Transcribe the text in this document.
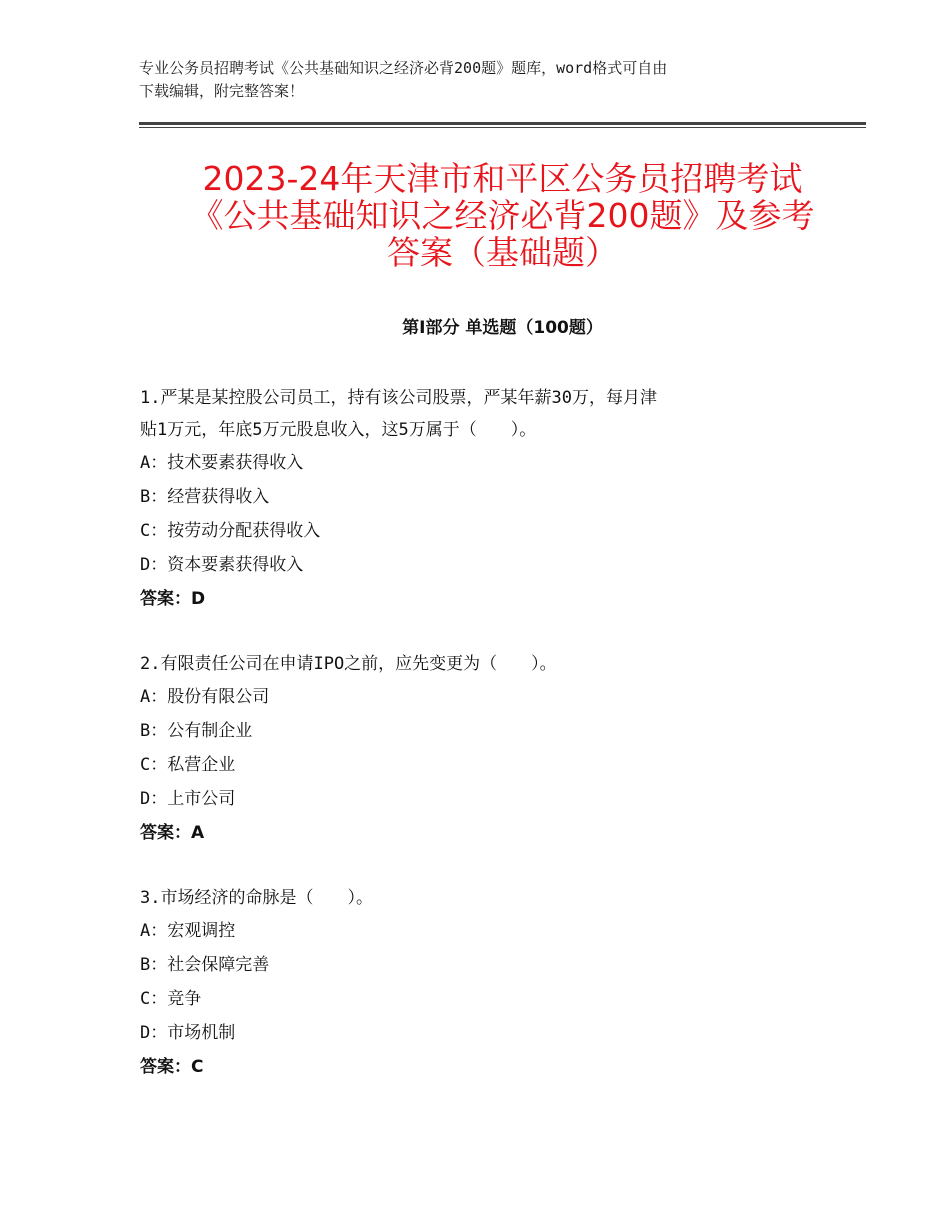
专业公务员招聘考试《公共基础知识之经济必背200题》题库，word格式可自由
下载编辑，附完整答案！
2023-24年天津市和平区公务员招聘考试
《公共基础知识之经济必背200题》及参考
答案（基础题）
第Ⅰ部分 单选题（100题）

1.严某是某控股公司员工，持有该公司股票，严某年薪30万，每月津

贴1万元，年底5万元股息收入，这5万属于（　　）。

A：技术要素获得收入

B：经营获得收入

C：按劳动分配获得收入

D：资本要素获得收入

答案：D

2.有限责任公司在申请IPO之前，应先变更为（　　）。

A：股份有限公司

B：公有制企业

C：私营企业

D：上市公司

答案：A

3.市场经济的命脉是（　　）。

A：宏观调控

B：社会保障完善

C：竞争

D：市场机制

答案：C
